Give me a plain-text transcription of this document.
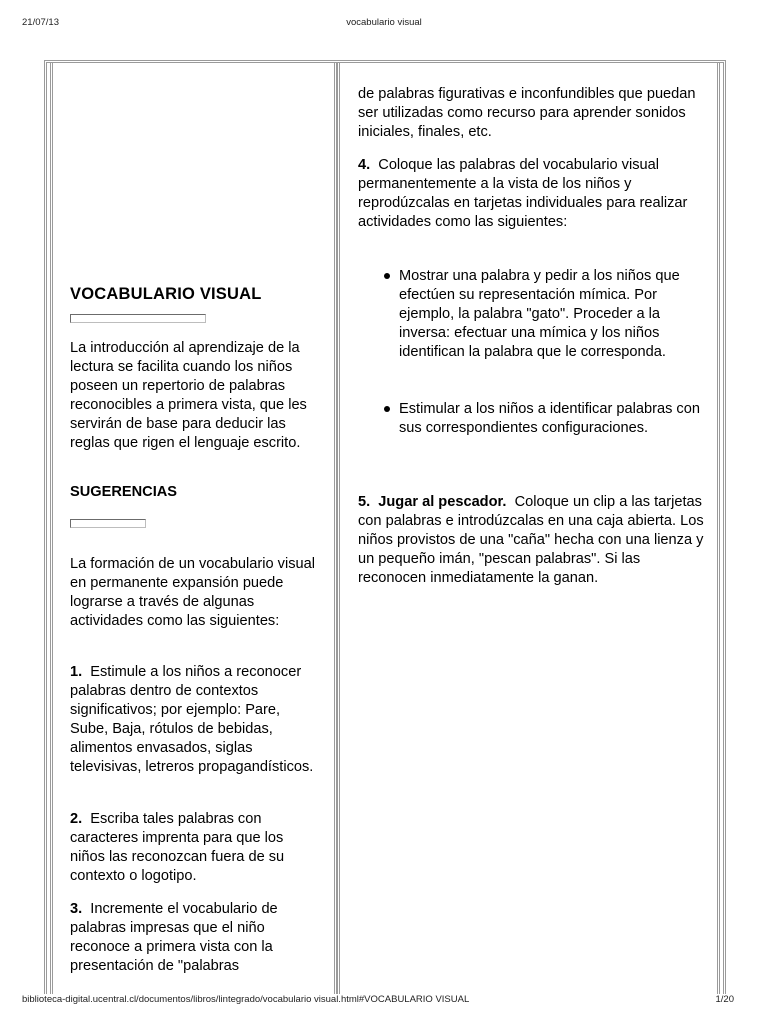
21/07/13	vocabulario visual
VOCABULARIO VISUAL
La introducción al aprendizaje de la lectura se facilita cuando los niños poseen un repertorio de palabras reconocibles a primera vista, que les servirán de base para deducir las reglas que rigen el lenguaje escrito.
SUGERENCIAS
La formación de un vocabulario visual en permanente expansión puede lograrse a través de algunas actividades como las siguientes:
1. Estimule a los niños a reconocer palabras dentro de contextos significativos; por ejemplo: Pare, Sube, Baja, rótulos de bebidas, alimentos envasados, siglas televisivas, letreros propagandísticos.
2. Escriba tales palabras con caracteres imprenta para que los niños las reconozcan fuera de su contexto o logotipo.
3. Incremente el vocabulario de palabras impresas que el niño reconoce a primera vista con la presentación de "palabras
de palabras figurativas e inconfundibles que puedan ser utilizadas como recurso para aprender sonidos iniciales, finales, etc.
4. Coloque las palabras del vocabulario visual permanentemente a la vista de los niños y reprodúzcalas en tarjetas individuales para realizar actividades como las siguientes:
Mostrar una palabra y pedir a los niños que efectúen su representación mímica. Por ejemplo, la palabra "gato". Proceder a la inversa: efectuar una mímica y los niños identifican la palabra que le corresponda.
Estimular a los niños a identificar palabras con sus correspondientes configuraciones.
5. Jugar al pescador. Coloque un clip a las tarjetas con palabras e introdúzcalas en una caja abierta. Los niños provistos de una "caña" hecha con una lienza y un pequeño imán, "pescan palabras". Si las reconocen inmediatamente la ganan.
biblioteca-digital.ucentral.cl/documentos/libros/lintegrado/vocabulario visual.html#VOCABULARIO VISUAL	1/20
